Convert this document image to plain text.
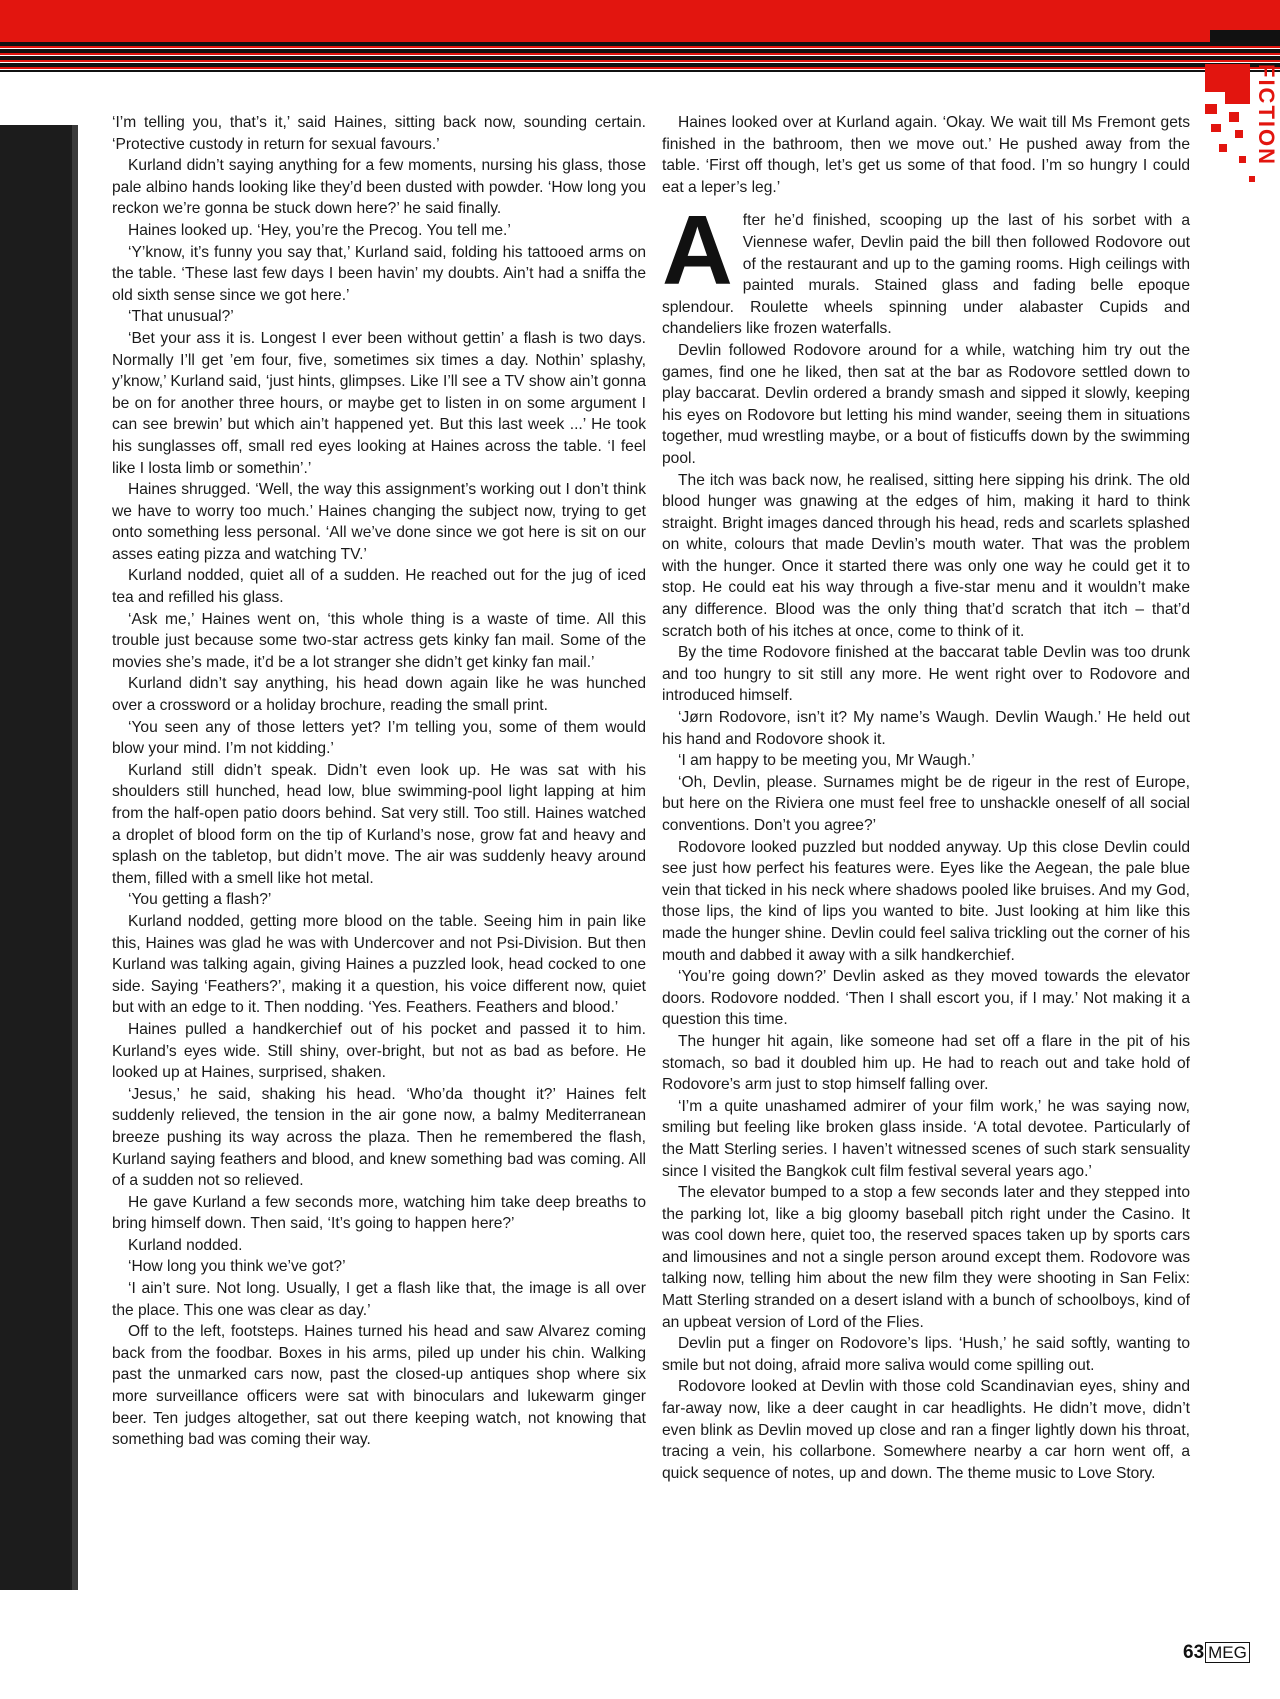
FICTION

‘I’m telling you, that’s it,’ said Haines, sitting back now, sounding certain. ‘Protective custody in return for sexual favours.’

Kurland didn’t saying anything for a few moments, nursing his glass, those pale albino hands looking like they’d been dusted with powder. ‘How long you reckon we’re gonna be stuck down here?’ he said finally.

Haines looked up. ‘Hey, you’re the Precog. You tell me.’

‘Y’know, it’s funny you say that,’ Kurland said, folding his tattooed arms on the table. ‘These last few days I been havin’ my doubts. Ain’t had a sniffa the old sixth sense since we got here.’

‘That unusual?’

‘Bet your ass it is. Longest I ever been without gettin’ a flash is two days. Normally I’ll get ’em four, five, sometimes six times a day. Nothin’ splashy, y’know,’ Kurland said, ‘just hints, glimpses. Like I’ll see a TV show ain’t gonna be on for another three hours, or maybe get to listen in on some argument I can see brewin’ but which ain’t happened yet. But this last week ...’ He took his sunglasses off, small red eyes looking at Haines across the table. ‘I feel like I losta limb or somethin’.’

Haines shrugged. ‘Well, the way this assignment’s working out I don’t think we have to worry too much.’ Haines changing the subject now, trying to get onto something less personal. ‘All we’ve done since we got here is sit on our asses eating pizza and watching TV.’

Kurland nodded, quiet all of a sudden. He reached out for the jug of iced tea and refilled his glass.

‘Ask me,’ Haines went on, ‘this whole thing is a waste of time. All this trouble just because some two-star actress gets kinky fan mail. Some of the movies she’s made, it’d be a lot stranger she didn’t get kinky fan mail.’

Kurland didn’t say anything, his head down again like he was hunched over a crossword or a holiday brochure, reading the small print.

‘You seen any of those letters yet? I’m telling you, some of them would blow your mind. I’m not kidding.’

Kurland still didn’t speak. Didn’t even look up. He was sat with his shoulders still hunched, head low, blue swimming-pool light lapping at him from the half-open patio doors behind. Sat very still. Too still. Haines watched a droplet of blood form on the tip of Kurland’s nose, grow fat and heavy and splash on the tabletop, but didn’t move. The air was suddenly heavy around them, filled with a smell like hot metal.

‘You getting a flash?’

Kurland nodded, getting more blood on the table. Seeing him in pain like this, Haines was glad he was with Undercover and not Psi-Division. But then Kurland was talking again, giving Haines a puzzled look, head cocked to one side. Saying ‘Feathers?’, making it a question, his voice different now, quiet but with an edge to it. Then nodding. ‘Yes. Feathers. Feathers and blood.’

Haines pulled a handkerchief out of his pocket and passed it to him. Kurland’s eyes wide. Still shiny, over-bright, but not as bad as before. He looked up at Haines, surprised, shaken.

‘Jesus,’ he said, shaking his head. ‘Who’da thought it?’ Haines felt suddenly relieved, the tension in the air gone now, a balmy Mediterranean breeze pushing its way across the plaza. Then he remembered the flash, Kurland saying feathers and blood, and knew something bad was coming. All of a sudden not so relieved.

He gave Kurland a few seconds more, watching him take deep breaths to bring himself down. Then said, ‘It’s going to happen here?’

Kurland nodded.

‘How long you think we’ve got?’

‘I ain’t sure. Not long. Usually, I get a flash like that, the image is all over the place. This one was clear as day.’

Off to the left, footsteps. Haines turned his head and saw Alvarez coming back from the foodbar. Boxes in his arms, piled up under his chin. Walking past the unmarked cars now, past the closed-up antiques shop where six more surveillance officers were sat with binoculars and lukewarm ginger beer. Ten judges altogether, sat out there keeping watch, not knowing that something bad was coming their way.

Haines looked over at Kurland again. ‘Okay. We wait till Ms Fremont gets finished in the bathroom, then we move out.’ He pushed away from the table. ‘First off though, let’s get us some of that food. I’m so hungry I could eat a leper’s leg.’

After he’d finished, scooping up the last of his sorbet with a Viennese wafer, Devlin paid the bill then followed Rodovore out of the restaurant and up to the gaming rooms. High ceilings with painted murals. Stained glass and fading belle epoque splendour. Roulette wheels spinning under alabaster Cupids and chandeliers like frozen waterfalls.

Devlin followed Rodovore around for a while, watching him try out the games, find one he liked, then sat at the bar as Rodovore settled down to play baccarat. Devlin ordered a brandy smash and sipped it slowly, keeping his eyes on Rodovore but letting his mind wander, seeing them in situations together, mud wrestling maybe, or a bout of fisticuffs down by the swimming pool.

The itch was back now, he realised, sitting here sipping his drink. The old blood hunger was gnawing at the edges of him, making it hard to think straight. Bright images danced through his head, reds and scarlets splashed on white, colours that made Devlin’s mouth water. That was the problem with the hunger. Once it started there was only one way he could get it to stop. He could eat his way through a five-star menu and it wouldn’t make any difference. Blood was the only thing that’d scratch that itch – that’d scratch both of his itches at once, come to think of it.

By the time Rodovore finished at the baccarat table Devlin was too drunk and too hungry to sit still any more. He went right over to Rodovore and introduced himself.

‘Jørn Rodovore, isn’t it? My name’s Waugh. Devlin Waugh.’ He held out his hand and Rodovore shook it.

‘I am happy to be meeting you, Mr Waugh.’

‘Oh, Devlin, please. Surnames might be de rigeur in the rest of Europe, but here on the Riviera one must feel free to unshackle oneself of all social conventions. Don’t you agree?’

Rodovore looked puzzled but nodded anyway. Up this close Devlin could see just how perfect his features were. Eyes like the Aegean, the pale blue vein that ticked in his neck where shadows pooled like bruises. And my God, those lips, the kind of lips you wanted to bite. Just looking at him like this made the hunger shine. Devlin could feel saliva trickling out the corner of his mouth and dabbed it away with a silk handkerchief.

‘You’re going down?’ Devlin asked as they moved towards the elevator doors. Rodovore nodded. ‘Then I shall escort you, if I may.’ Not making it a question this time.

The hunger hit again, like someone had set off a flare in the pit of his stomach, so bad it doubled him up. He had to reach out and take hold of Rodovore’s arm just to stop himself falling over.

‘I’m a quite unashamed admirer of your film work,’ he was saying now, smiling but feeling like broken glass inside. ‘A total devotee. Particularly of the Matt Sterling series. I haven’t witnessed scenes of such stark sensuality since I visited the Bangkok cult film festival several years ago.’

The elevator bumped to a stop a few seconds later and they stepped into the parking lot, like a big gloomy baseball pitch right under the Casino. It was cool down here, quiet too, the reserved spaces taken up by sports cars and limousines and not a single person around except them. Rodovore was talking now, telling him about the new film they were shooting in San Felix: Matt Sterling stranded on a desert island with a bunch of schoolboys, kind of an upbeat version of Lord of the Flies.

Devlin put a finger on Rodovore’s lips. ‘Hush,’ he said softly, wanting to smile but not doing, afraid more saliva would come spilling out.

Rodovore looked at Devlin with those cold Scandinavian eyes, shiny and far-away now, like a deer caught in car headlights. He didn’t move, didn’t even blink as Devlin moved up close and ran a finger lightly down his throat, tracing a vein, his collarbone. Somewhere nearby a car horn went off, a quick sequence of notes, up and down. The theme music to Love Story.

63 MEG
